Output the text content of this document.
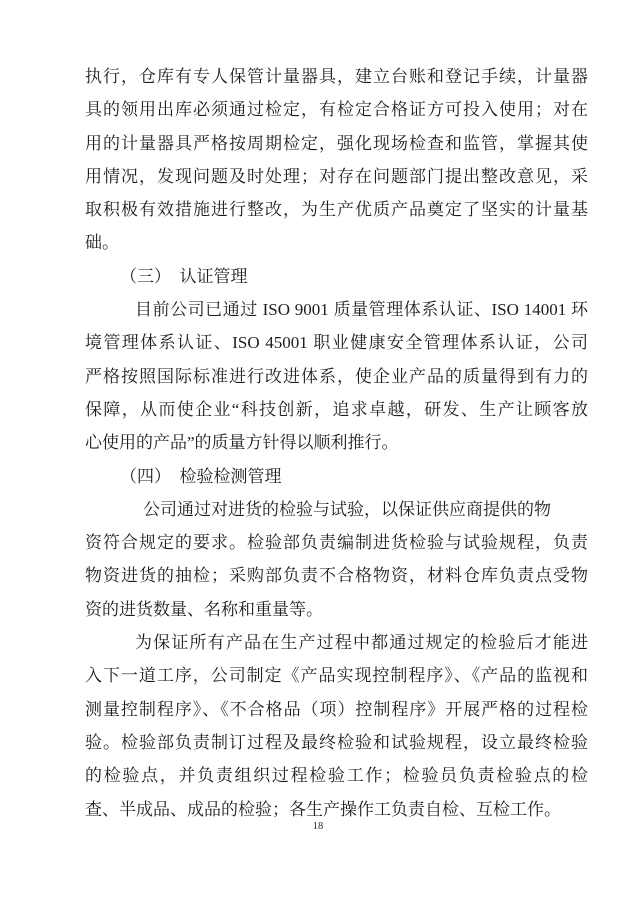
执行，仓库有专人保管计量器具，建立台账和登记手续，计量器
具的领用出库必须通过检定，有检定合格证方可投入使用；对在
用的计量器具严格按周期检定，强化现场检查和监管，掌握其使
用情况，发现问题及时处理；对存在问题部门提出整改意见，采
取积极有效措施进行整改，为生产优质产品奠定了坚实的计量基
础。
（三）　认证管理
目前公司已通过 ISO 9001 质量管理体系认证、ISO 14001 环
境管理体系认证、ISO 45001 职业健康安全管理体系认证，公司
严格按照国际标准进行改进体系，使企业产品的质量得到有力的
保障，从而使企业“科技创新，追求卓越，研发、生产让顾客放
心使用的产品”的质量方针得以顺利推行。
（四）　检验检测管理
公司通过对进货的检验与试验，以保证供应商提供的物
资符合规定的要求。检验部负责编制进货检验与试验规程，负责
物资进货的抽检；采购部负责不合格物资，材料仓库负责点受物
资的进货数量、名称和重量等。
为保证所有产品在生产过程中都通过规定的检验后才能进
入下一道工序，公司制定《产品实现控制程序》、《产品的监视和
测量控制程序》、《不合格品（项）控制程序》开展严格的过程检
验。检验部负责制订过程及最终检验和试验规程，设立最终检验
的检验点，并负责组织过程检验工作；检验员负责检验点的检
查、半成品、成品的检验；各生产操作工负责自检、互检工作。
18
